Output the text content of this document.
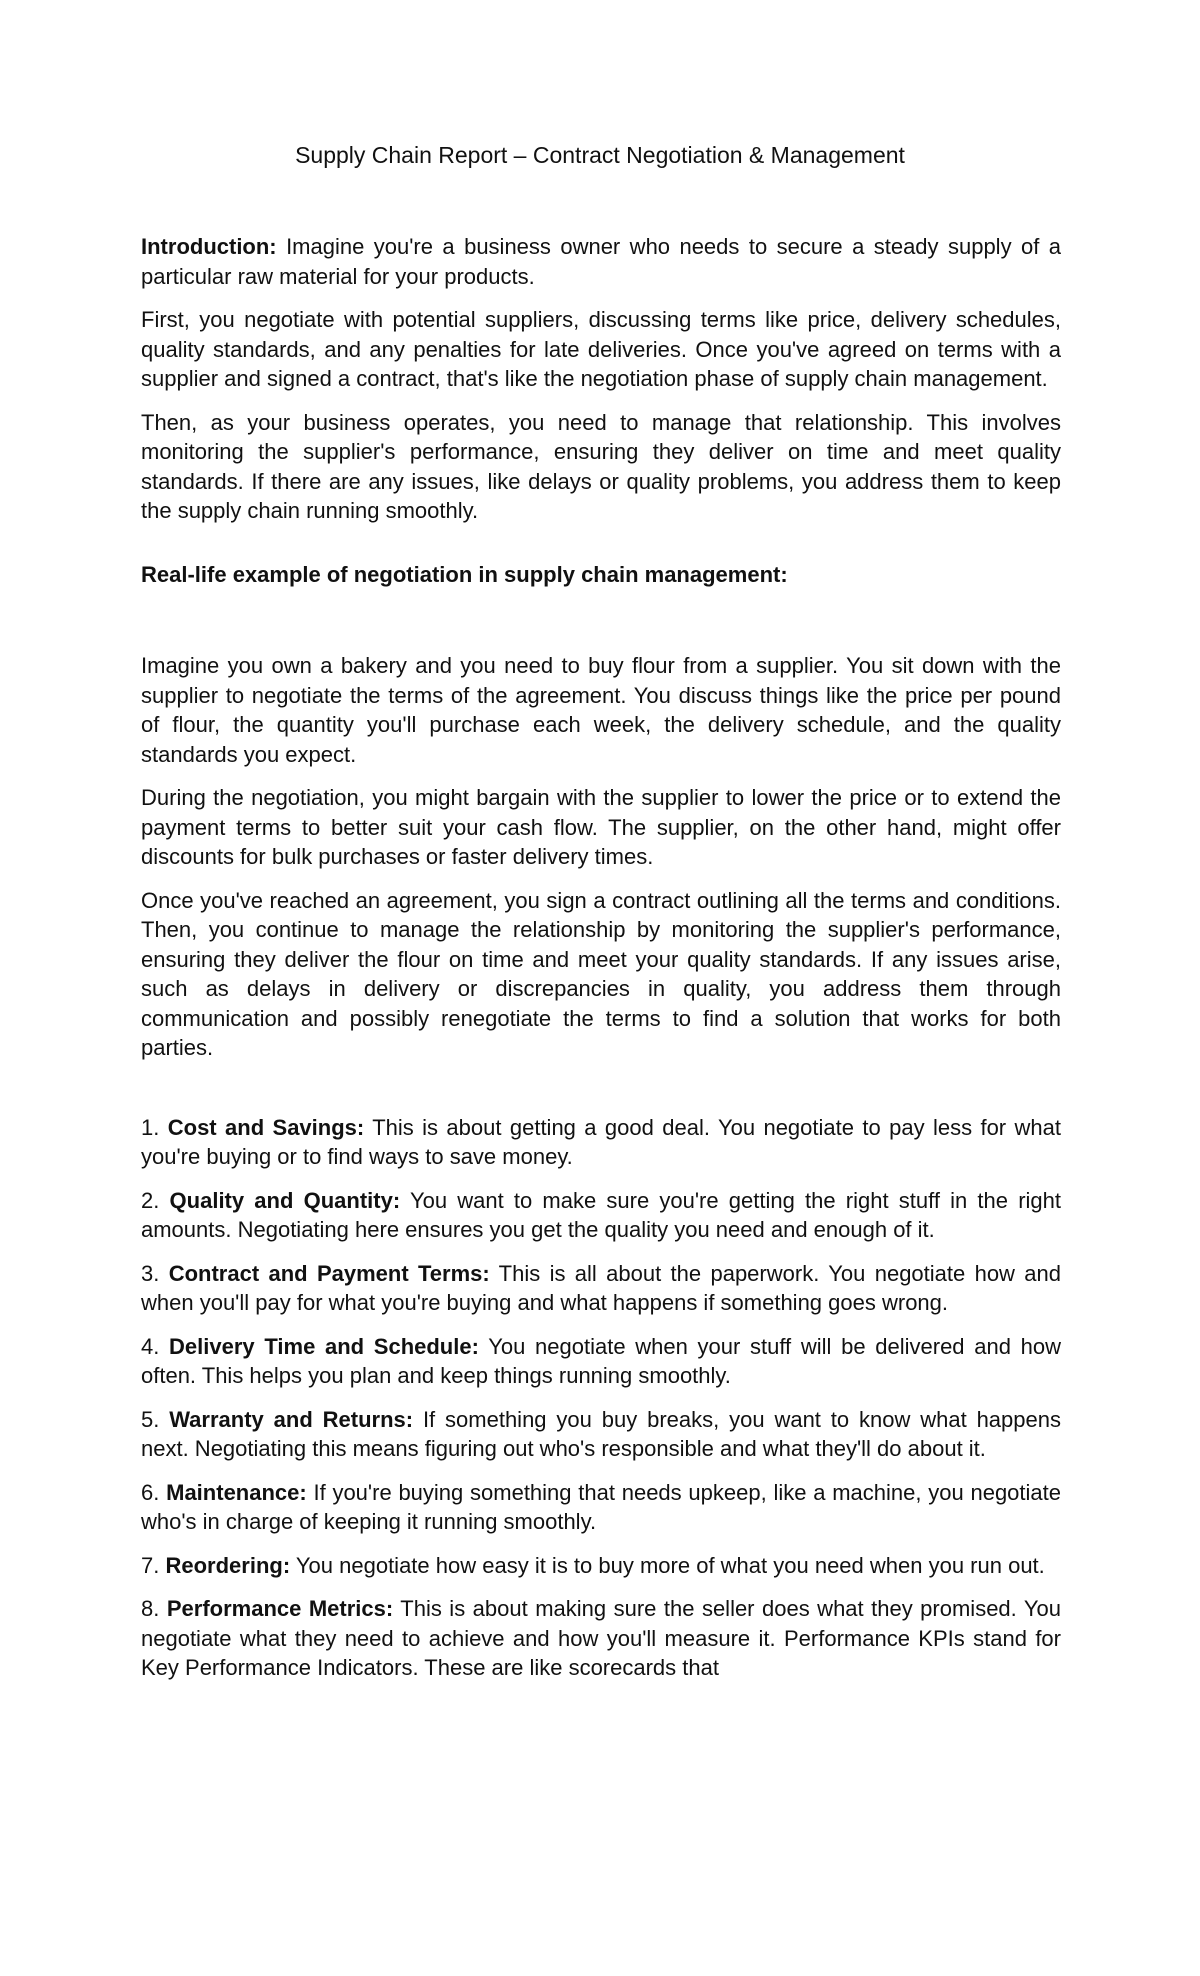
Supply Chain Report – Contract Negotiation & Management

Introduction: Imagine you're a business owner who needs to secure a steady supply of a particular raw material for your products.

First, you negotiate with potential suppliers, discussing terms like price, delivery schedules, quality standards, and any penalties for late deliveries. Once you've agreed on terms with a supplier and signed a contract, that's like the negotiation phase of supply chain management.

Then, as your business operates, you need to manage that relationship. This involves monitoring the supplier's performance, ensuring they deliver on time and meet quality standards. If there are any issues, like delays or quality problems, you address them to keep the supply chain running smoothly.

Real-life example of negotiation in supply chain management:

Imagine you own a bakery and you need to buy flour from a supplier. You sit down with the supplier to negotiate the terms of the agreement. You discuss things like the price per pound of flour, the quantity you'll purchase each week, the delivery schedule, and the quality standards you expect.

During the negotiation, you might bargain with the supplier to lower the price or to extend the payment terms to better suit your cash flow. The supplier, on the other hand, might offer discounts for bulk purchases or faster delivery times.

Once you've reached an agreement, you sign a contract outlining all the terms and conditions. Then, you continue to manage the relationship by monitoring the supplier's performance, ensuring they deliver the flour on time and meet your quality standards. If any issues arise, such as delays in delivery or discrepancies in quality, you address them through communication and possibly renegotiate the terms to find a solution that works for both parties.

1. Cost and Savings: This is about getting a good deal. You negotiate to pay less for what you're buying or to find ways to save money.

2. Quality and Quantity: You want to make sure you're getting the right stuff in the right amounts. Negotiating here ensures you get the quality you need and enough of it.

3. Contract and Payment Terms: This is all about the paperwork. You negotiate how and when you'll pay for what you're buying and what happens if something goes wrong.

4. Delivery Time and Schedule: You negotiate when your stuff will be delivered and how often. This helps you plan and keep things running smoothly.

5. Warranty and Returns: If something you buy breaks, you want to know what happens next. Negotiating this means figuring out who's responsible and what they'll do about it.

6. Maintenance: If you're buying something that needs upkeep, like a machine, you negotiate who's in charge of keeping it running smoothly.

7. Reordering: You negotiate how easy it is to buy more of what you need when you run out.

8. Performance Metrics: This is about making sure the seller does what they promised. You negotiate what they need to achieve and how you'll measure it. Performance KPIs stand for Key Performance Indicators. These are like scorecards that
